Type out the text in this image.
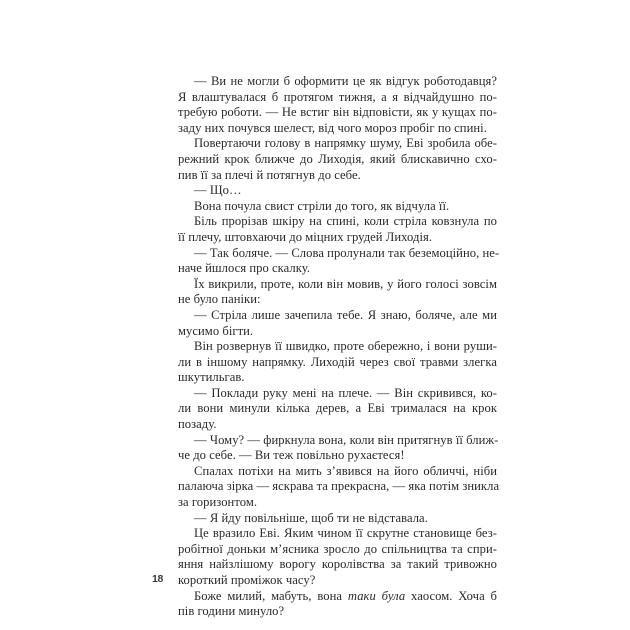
— Ви не могли б оформити це як відгук роботодавця?
Я влаштувалася б протягом тижня, а я відчайдушно по-
требую роботи. — Не встиг він відповісти, як у кущах по-
заду них почувся шелест, від чого мороз пробіг по спині.
Повертаючи голову в напрямку шуму, Еві зробила обе-
режний крок ближче до Лиходія, який блискавично схо-
пив її за плечі й потягнув до себе.
— Що…
Вона почула свист стріли до того, як відчула її.
Біль прорізав шкіру на спині, коли стріла ковзнула по
її плечу, штовхаючи до міцних грудей Лиходія.
— Так боляче. — Слова пролунали так беземоційно, не-
наче йшлося про скалку.
Їх викрили, проте, коли він мовив, у його голосі зовсім
не було паніки:
— Стріла лише зачепила тебе. Я знаю, боляче, але ми
мусимо бігти.
Він розвернув її швидко, проте обережно, і вони руши-
ли в іншому напрямку. Лиходій через свої травми злегка
шкутильгав.
— Поклади руку мені на плече. — Він скривився, ко-
ли вони минули кілька дерев, а Еві трималася на крок
позаду.
— Чому? — фиркнула вона, коли він притягнув її ближ-
че до себе. — Ви теж повільно рухаєтеся!
Спалах потіхи на мить з’явився на його обличчі, ніби
палаюча зірка — яскрава та прекрасна, — яка потім зникла
за горизонтом.
— Я йду повільніше, щоб ти не відставала.
Це вразило Еві. Яким чином її скрутне становище без-
робітної доньки м’ясника зросло до спільництва та спри-
яння найзлішому ворогу королівства за такий тривожно
короткий проміжок часу?
Боже милий, мабуть, вона таки була хаосом. Хоча б
пів години минуло?
18
